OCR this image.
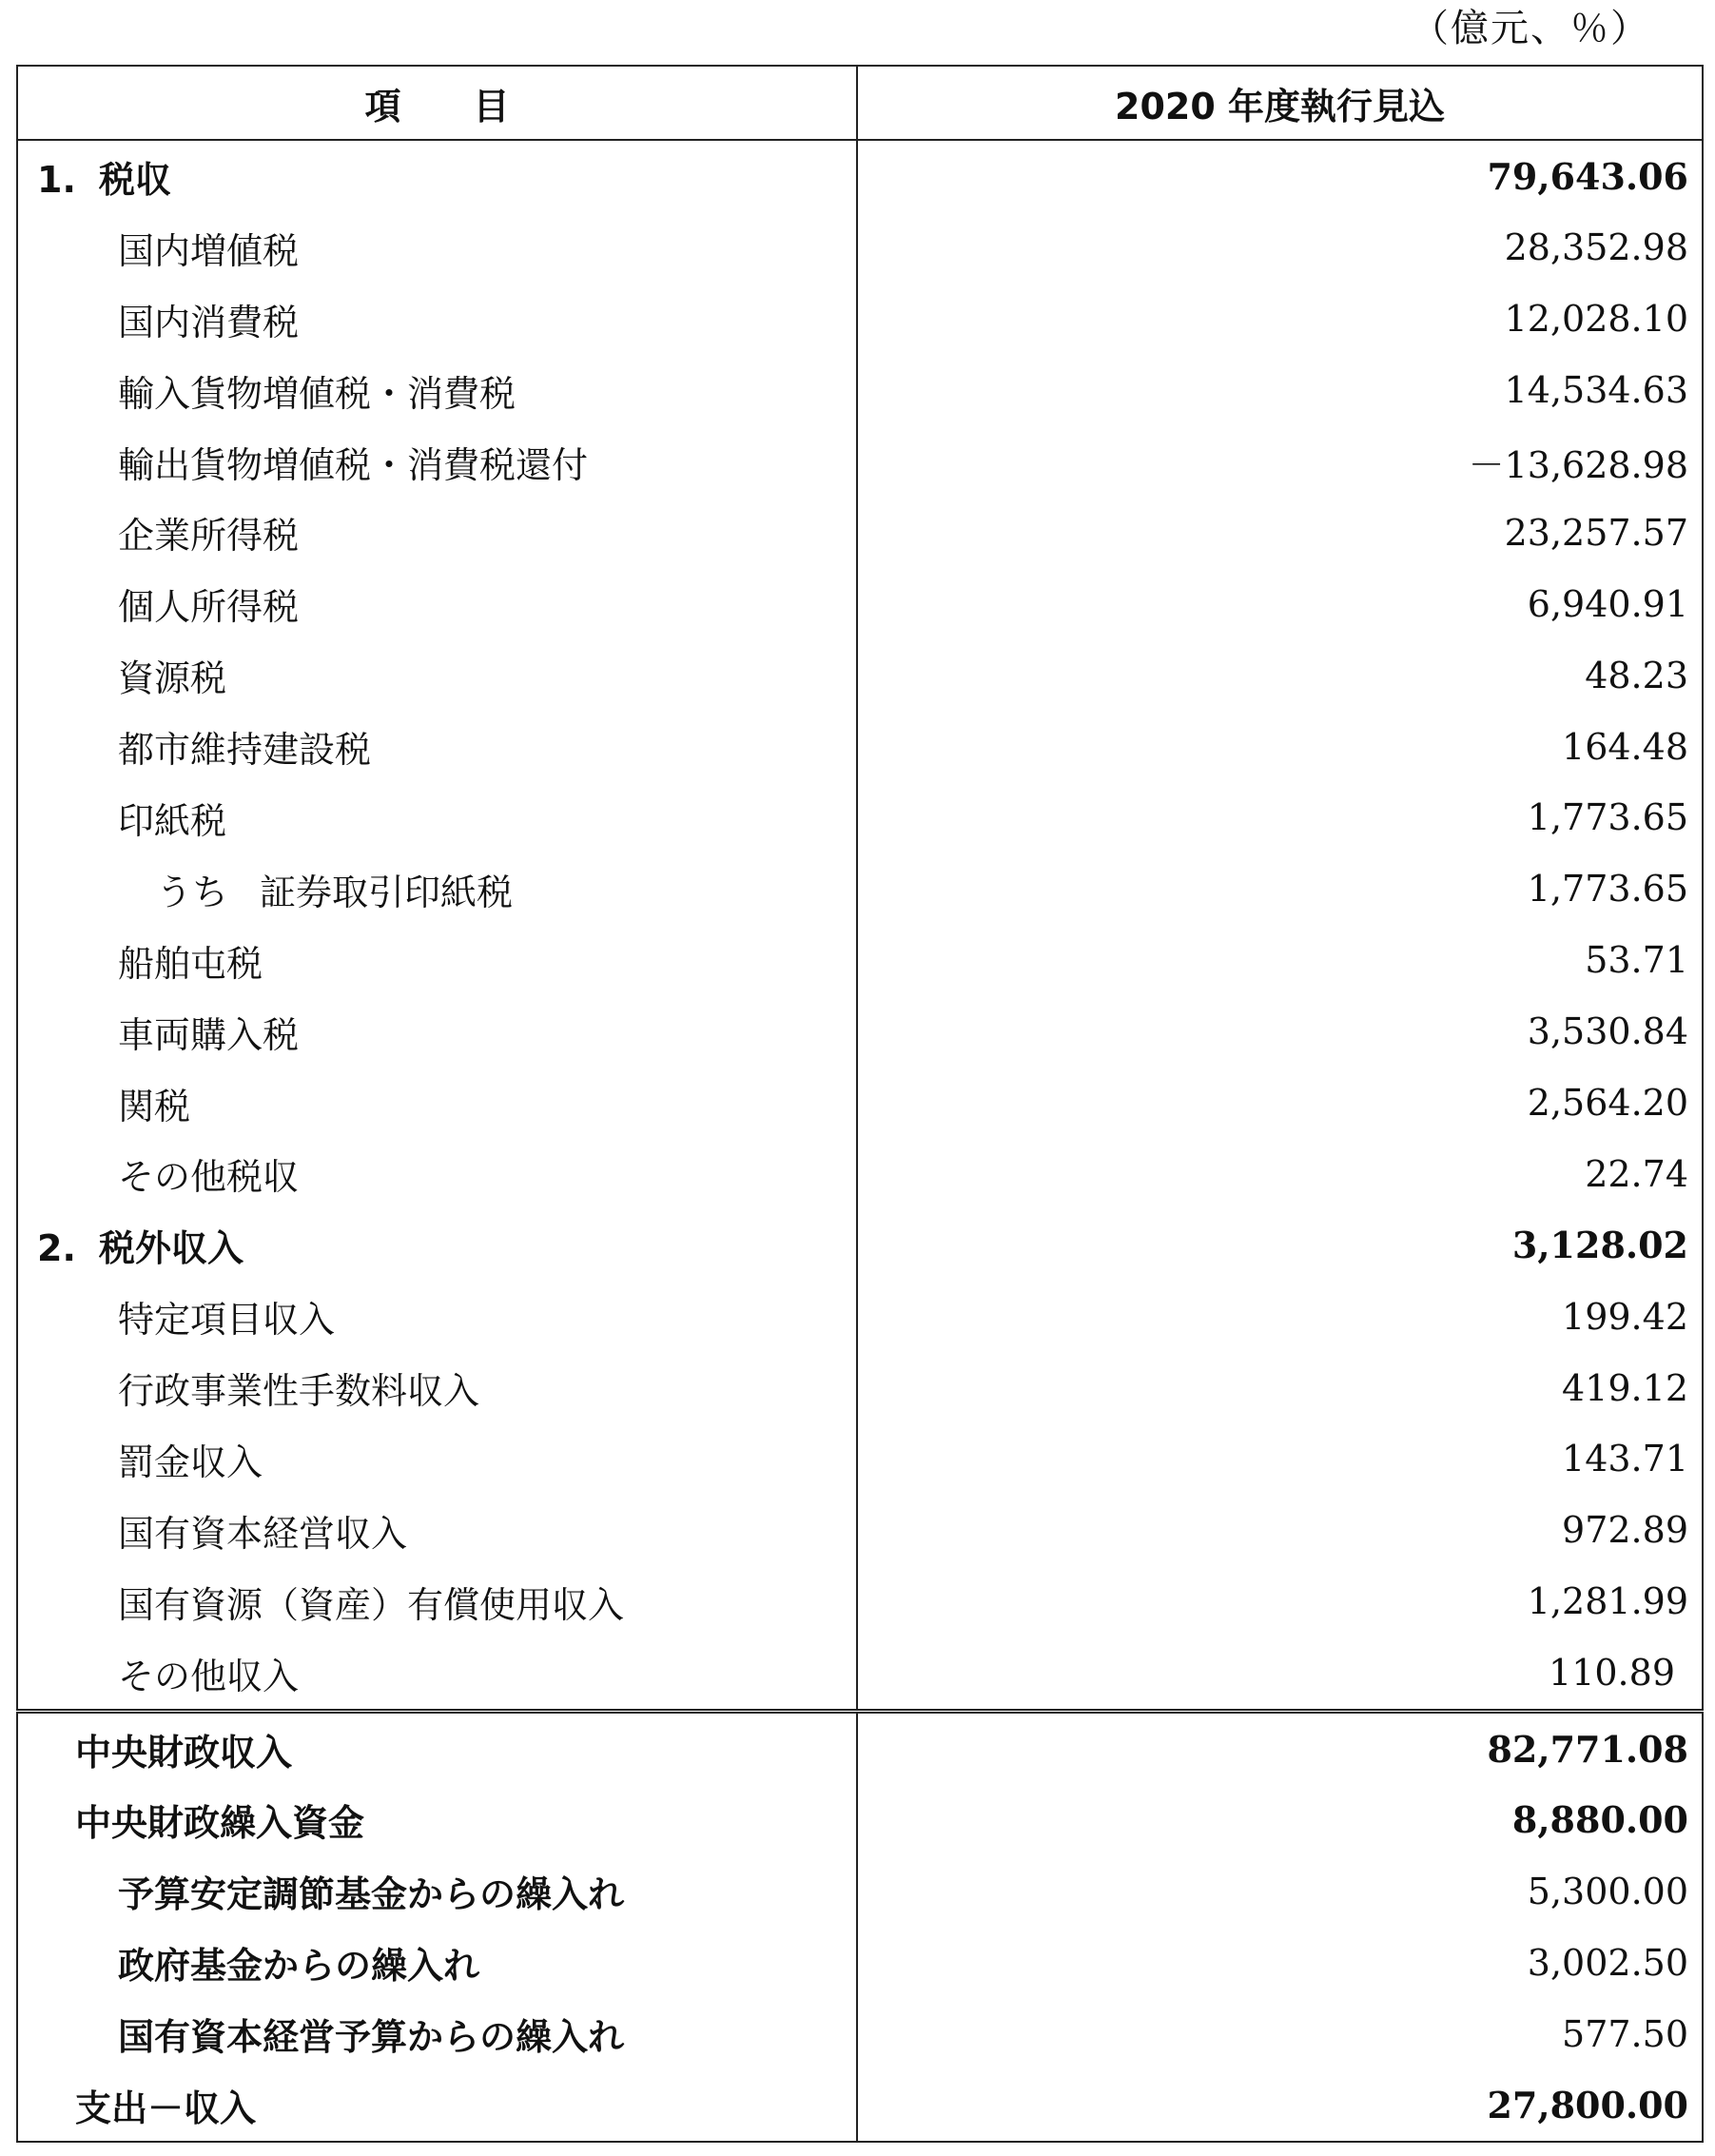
（億元、％）
項　　目	2020 年度執行見込
1. 税収	79,643.06
国内増値税	28,352.98
国内消費税	12,028.10
輸入貨物増値税・消費税	14,534.63
輸出貨物増値税・消費税還付	－13,628.98
企業所得税	23,257.57
個人所得税	6,940.91
資源税	48.23
都市維持建設税	164.48
印紙税	1,773.65
うち 証券取引印紙税	1,773.65
船舶屯税	53.71
車両購入税	3,530.84
関税	2,564.20
その他税収	22.74
2. 税外収入	3,128.02
特定項目収入	199.42
行政事業性手数料収入	419.12
罰金収入	143.71
国有資本経営収入	972.89
国有資源（資産）有償使用収入	1,281.99
その他収入	110.89
中央財政収入	82,771.08
中央財政繰入資金	8,880.00
予算安定調節基金からの繰入れ	5,300.00
政府基金からの繰入れ	3,002.50
国有資本経営予算からの繰入れ	577.50
支出－収入	27,800.00
